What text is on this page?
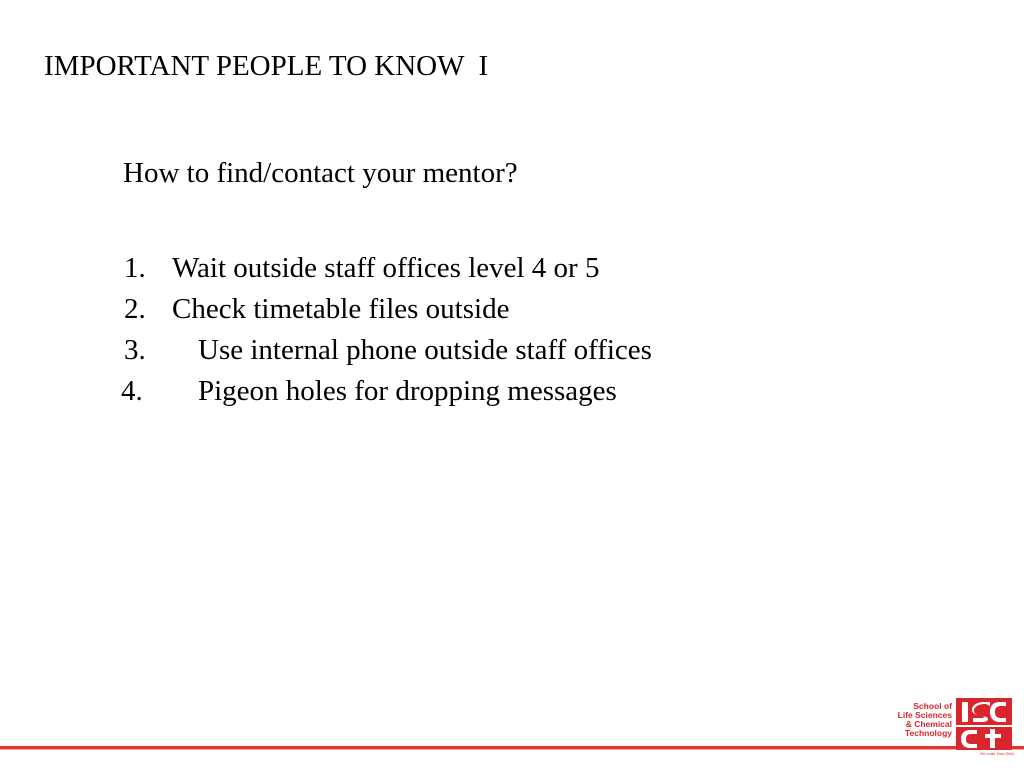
IMPORTANT PEOPLE TO KNOW  I
How to find/contact your mentor?
1. Wait outside staff offices level 4 or 5
2. Check timetable files outside
3. Use internal phone outside staff offices
4. Pigeon holes for dropping messages
School of
Life Sciences
& Chemical
Technology
Re-code Your DNA
